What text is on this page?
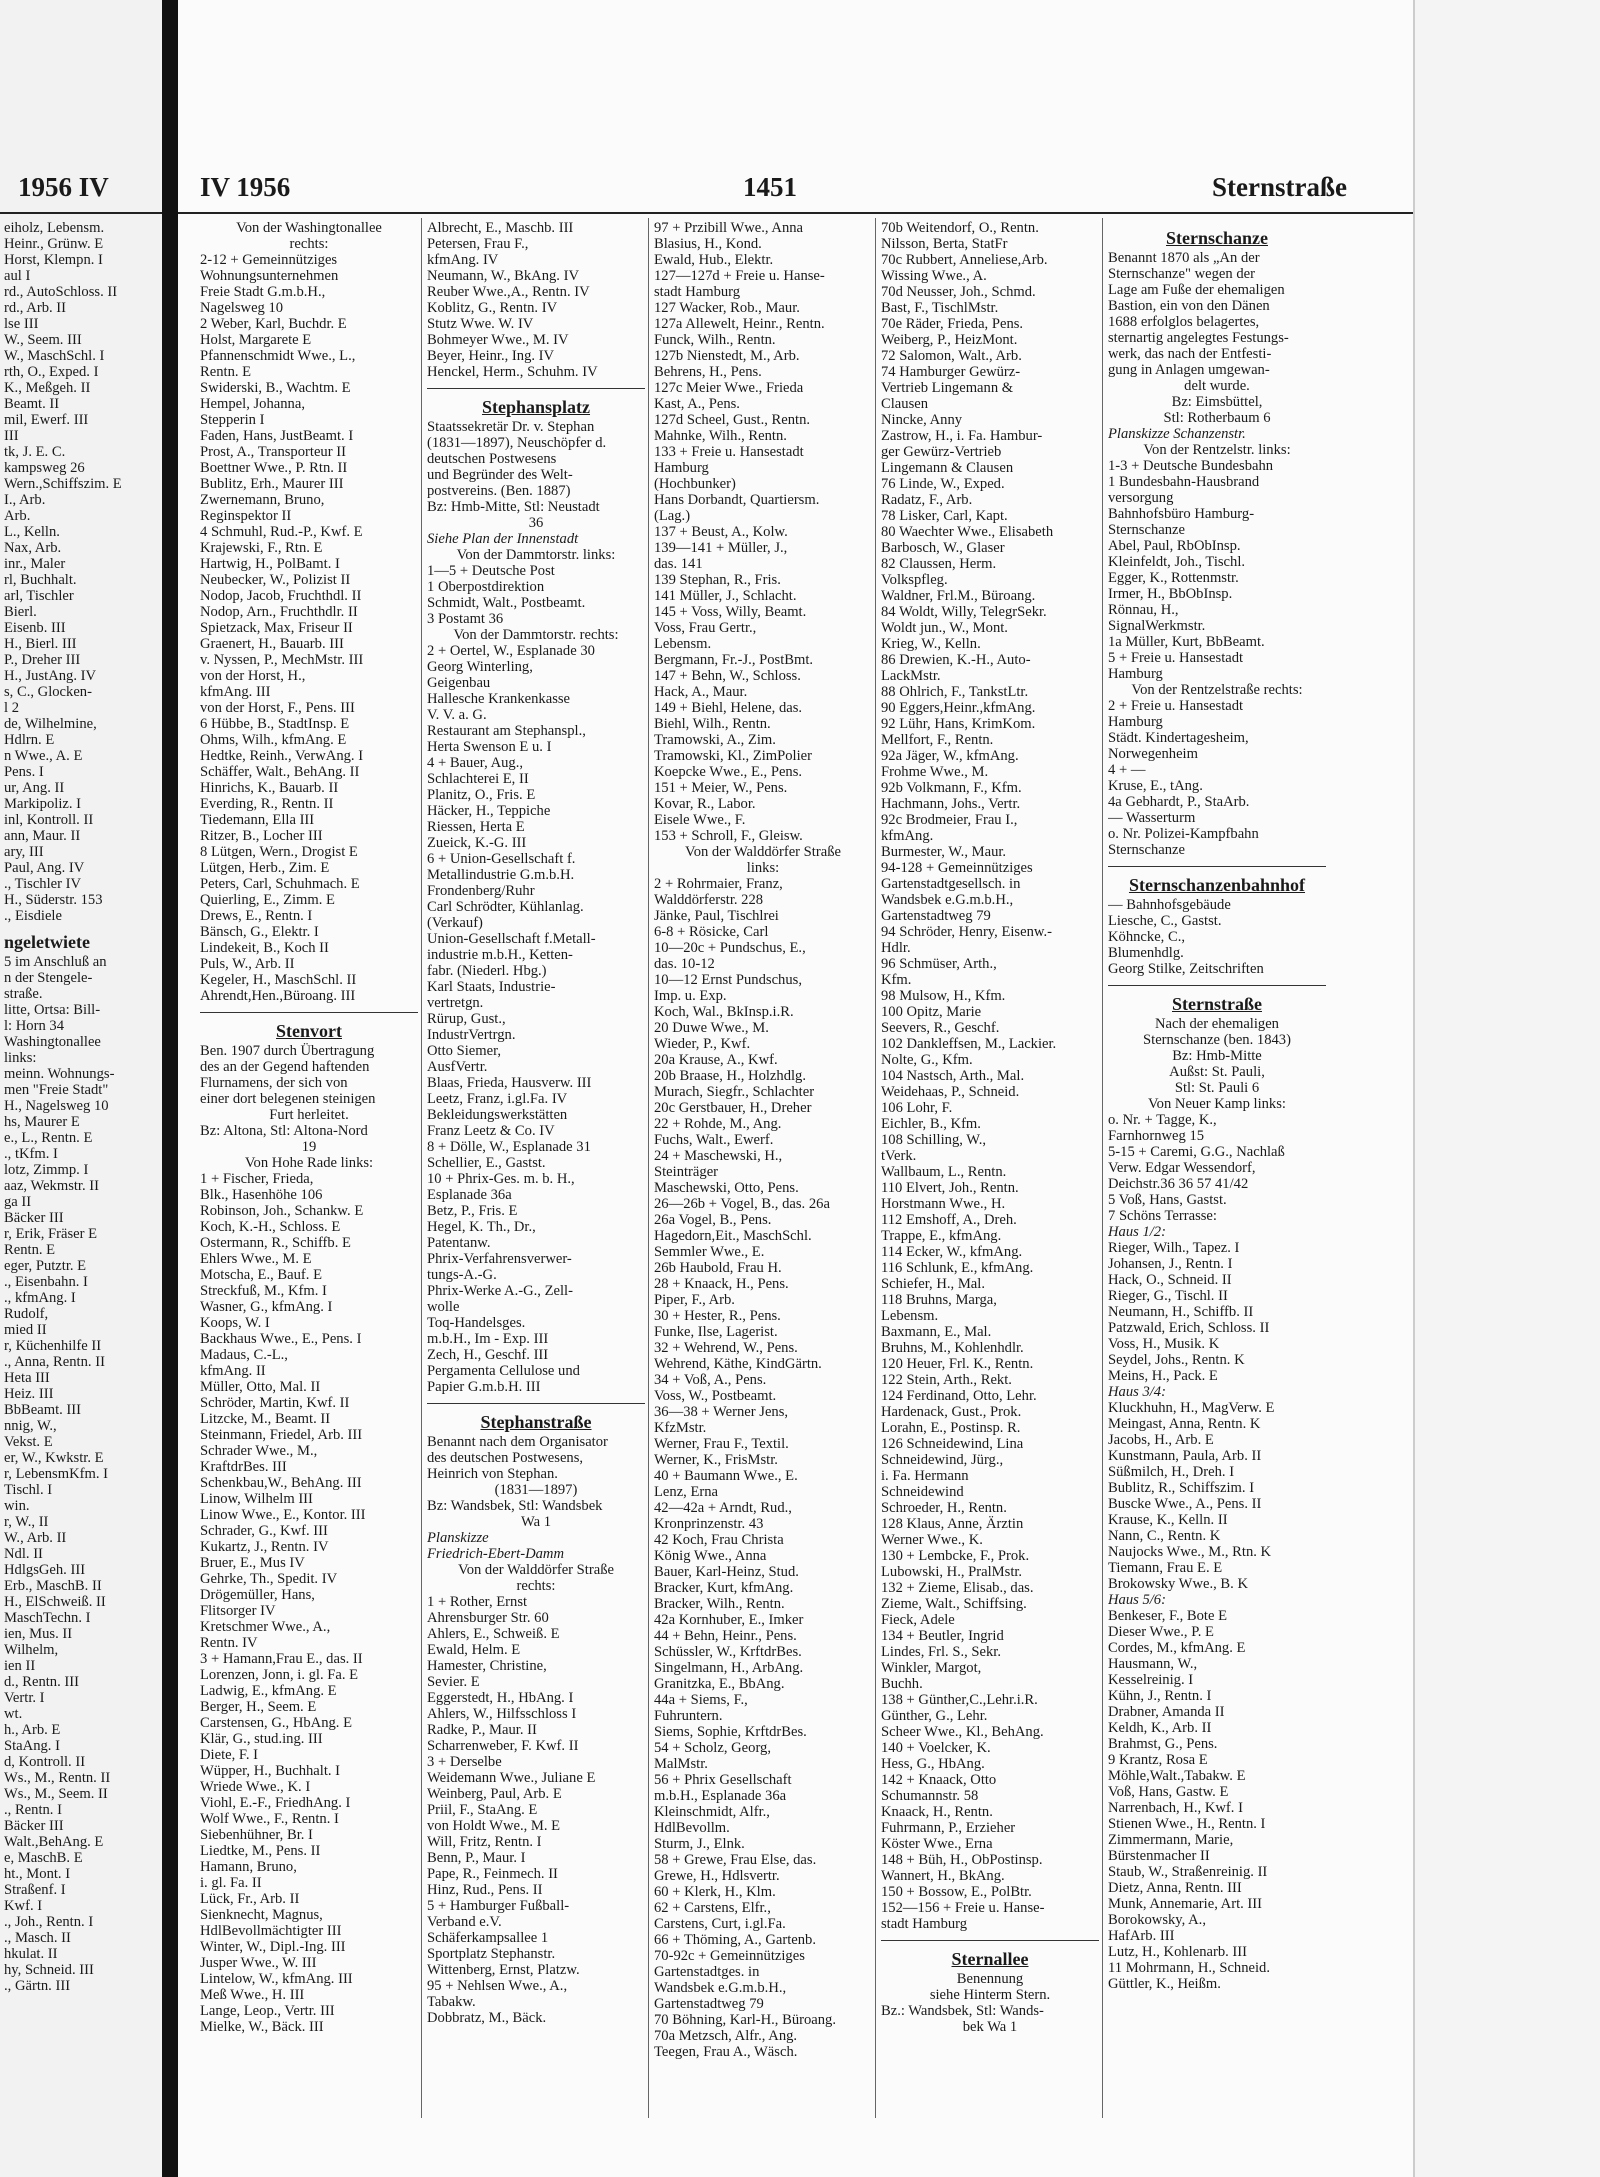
1956 IV
eiholz, Lebensm.
Heinr., Grünw. E
Horst, Klempn. I
aul I
rd., AutoSchloss. II
rd., Arb. II
lse III
W., Seem. III
W., MaschSchl. I
rth, O., Exped. I
K., Meßgeh. II
Beamt. II
mil, Ewerf. III
III
tk, J. E. C.
kampsweg 26
Wern.,Schiffszim. E
I., Arb.
Arb.
L., Kelln.
Nax, Arb.
inr., Maler
rl, Buchhalt.
arl, Tischler
Bierl.
Eisenb. III
H., Bierl. III
P., Dreher III
H., JustAng. IV
s, C., Glocken-
l 2
de, Wilhelmine,
Hdlrn. E
n Wwe., A. E
Pens. I
ur, Ang. II
Markipoliz. I
inl, Kontroll. II
ann, Maur. II
ary, III
Paul, Ang. IV
., Tischler IV
H., Süderstr. 153
., Eisdiele
ngeletwiete
5 im Anschluß an
n der Stengele-
straße.
litte, Ortsa: Bill-
l: Horn 34
Washingtonallee
links:
meinn. Wohnungs-
men "Freie Stadt"
H., Nagelsweg 10
hs, Maurer E
e., L., Rentn. E
., tKfm. I
lotz, Zimmp. I
aaz, Wekmstr. II
ga II
Bäcker III
r, Erik, Fräser E
Rentn. E
eger, Putztr. E
., Eisenbahn. I
., kfmAng. I
Rudolf,
mied II
r, Küchenhilfe II
., Anna, Rentn. II
Heta III
Heiz. III
BbBeamt. III
nnig, W.,
Vekst. E
er, W., Kwkstr. E
r, LebensmKfm. I
Tischl. I
win.
r, W., II
W., Arb. II
Ndl. II
HdlgsGeh. III
Erb., MaschB. II
H., ElSchweiß. II
MaschTechn. I
ien, Mus. II
Wilhelm,
ien II
d., Rentn. III
Vertr. I
wt.
h., Arb. E
StaAng. I
d, Kontroll. II
Ws., M., Rentn. II
Ws., M., Seem. II
., Rentn. I
Bäcker III
Walt.,BehAng. E
e, MaschB. E
ht., Mont. I
Straßenf. I
Kwf. I
., Joh., Rentn. I
., Masch. II
hkulat. II
hy, Schneid. III
., Gärtn. III
IV 1956	1451	Sternstraße
Von der Washingtonallee
rechts:
2-12 + Gemeinnütziges
Wohnungsunternehmen
Freie Stadt G.m.b.H.,
Nagelsweg 10
2 Weber, Karl, Buchdr. E
Holst, Margarete E
Pfannenschmidt Wwe., L.,
Rentn. E
Swiderski, B., Wachtm. E
Hempel, Johanna,
Stepperin I
Faden, Hans, JustBeamt. I
Prost, A., Transporteur II
Boettner Wwe., P. Rtn. II
Bublitz, Erh., Maurer III
Zwernemann, Bruno,
Reginspektor II
4 Schmuhl, Rud.-P., Kwf. E
Krajewski, F., Rtn. E
Hartwig, H., PolBamt. I
Neubecker, W., Polizist II
Nodop, Jacob, Fruchthdl. II
Nodop, Arn., Fruchthdlr. II
Spietzack, Max, Friseur II
Graenert, H., Bauarb. III
v. Nyssen, P., MechMstr. III
von der Horst, H.,
kfmAng. III
von der Horst, F., Pens. III
6 Hübbe, B., StadtInsp. E
Ohms, Wilh., kfmAng. E
Hedtke, Reinh., VerwAng. I
Schäffer, Walt., BehAng. II
Hinrichs, K., Bauarb. II
Everding, R., Rentn. II
Tiedemann, Ella III
Ritzer, B., Locher III
8 Lütgen, Wern., Drogist E
Lütgen, Herb., Zim. E
Peters, Carl, Schuhmach. E
Quierling, E., Zimm. E
Drews, E., Rentn. I
Bänsch, G., Elektr. I
Lindekeit, B., Koch II
Puls, W., Arb. II
Kegeler, H., MaschSchl. II
Ahrendt,Hen.,Büroang. III
Stenvort
Ben. 1907 durch Übertragung
des an der Gegend haftenden
Flurnamens, der sich von
einer dort belegenen steinigen
Furt herleitet.
Bz: Altona, Stl: Altona-Nord
19
Von Hohe Rade links:
1 + Fischer, Frieda,
Blk., Hasenhöhe 106
Robinson, Joh., Schankw. E
Koch, K.-H., Schloss. E
Ostermann, R., Schiffb. E
Ehlers Wwe., M. E
Motscha, E., Bauf. E
Streckfuß, M., Kfm. I
Wasner, G., kfmAng. I
Koops, W. I
Backhaus Wwe., E., Pens. I
Madaus, C.-L.,
kfmAng. II
Müller, Otto, Mal. II
Schröder, Martin, Kwf. II
Litzcke, M., Beamt. II
Steinmann, Friedel, Arb. III
Schrader Wwe., M.,
KraftdrBes. III
Schenkbau,W., BehAng. III
Linow, Wilhelm III
Linow Wwe., E., Kontor. III
Schrader, G., Kwf. III
Kukartz, J., Rentn. IV
Bruer, E., Mus IV
Gehrke, Th., Spedit. IV
Drögemüller, Hans,
Flitsorger IV
Kretschmer Wwe., A.,
Rentn. IV
3 + Hamann,Frau E., das. II
Lorenzen, Jonn, i. gl. Fa. E
Ladwig, E., kfmAng. E
Berger, H., Seem. E
Carstensen, G., HbAng. E
Klär, G., stud.ing. III
Diete, F. I
Wüpper, H., Buchhalt. I
Wriede Wwe., K. I
Viohl, E.-F., FriedhAng. I
Wolf Wwe., F., Rentn. I
Siebenhühner, Br. I
Liedtke, M., Pens. II
Hamann, Bruno,
i. gl. Fa. II
Lück, Fr., Arb. II
Sienknecht, Magnus,
HdlBevollmächtigter III
Winter, W., Dipl.-Ing. III
Jusper Wwe., W. III
Lintelow, W., kfmAng. III
Meß Wwe., H. III
Lange, Leop., Vertr. III
Mielke, W., Bäck. III
Albrecht, E., Maschb. III
Petersen, Frau F.,
kfmAng. IV
Neumann, W., BkAng. IV
Reuber Wwe.,A., Rentn. IV
Koblitz, G., Rentn. IV
Stutz Wwe. W. IV
Bohmeyer Wwe., M. IV
Beyer, Heinr., Ing. IV
Henckel, Herm., Schuhm. IV
Stephansplatz
Staatssekretär Dr. v. Stephan
(1831—1897), Neuschöpfer d.
deutschen Postwesens
und Begründer des Welt-
postvereins. (Ben. 1887)
Bz: Hmb-Mitte, Stl: Neustadt
36
Siehe Plan der Innenstadt
Von der Dammtorstr. links:
1—5 + Deutsche Post
1 Oberpostdirektion
Schmidt, Walt., Postbeamt.
3 Postamt 36
Von der Dammtorstr. rechts:
2 + Oertel, W., Esplanade 30
Georg Winterling,
Geigenbau
Hallesche Krankenkasse
V. V. a. G.
Restaurant am Stephanspl.,
Herta Swenson E u. I
4 + Bauer, Aug.,
Schlachterei E, II
Planitz, O., Fris. E
Häcker, H., Teppiche
Riessen, Herta E
Zueick, K.-G. III
6 + Union-Gesellschaft f.
Metallindustrie G.m.b.H.
Frondenberg/Ruhr
Carl Schrödter, Kühlanlag.
(Verkauf)
Union-Gesellschaft f.Metall-
industrie m.b.H., Ketten-
fabr. (Niederl. Hbg.)
Karl Staats, Industrie-
vertretgn.
Rürup, Gust.,
IndustrVertrgn.
Otto Siemer,
AusfVertr.
Blaas, Frieda, Hausverw. III
Leetz, Franz, i.gl.Fa. IV
Bekleidungswerkstätten
Franz Leetz & Co. IV
8 + Dölle, W., Esplanade 31
Schellier, E., Gastst.
10 + Phrix-Ges. m. b. H.,
Esplanade 36a
Betz, P., Fris. E
Hegel, K. Th., Dr.,
Patentanw.
Phrix-Verfahrensverwer-
tungs-A.-G.
Phrix-Werke A.-G., Zell-
wolle
Toq-Handelsges.
m.b.H., Im - Exp. III
Zech, H., Geschf. III
Pergamenta Cellulose und
Papier G.m.b.H. III
Stephanstraße
Benannt nach dem Organisator
des deutschen Postwesens,
Heinrich von Stephan.
(1831—1897)
Bz: Wandsbek, Stl: Wandsbek
Wa 1
Planskizze
Friedrich-Ebert-Damm
Von der Walddörfer Straße
rechts:
1 + Rother, Ernst
Ahrensburger Str. 60
Ahlers, E., Schweiß. E
Ewald, Helm. E
Hamester, Christine,
Sevier. E
Eggerstedt, H., HbAng. I
Ahlers, W., Hilfsschloss I
Radke, P., Maur. II
Scharrenweber, F. Kwf. II
3 + Derselbe
Weidemann Wwe., Juliane E
Weinberg, Paul, Arb. E
Priil, F., StaAng. E
von Holdt Wwe., M. E
Will, Fritz, Rentn. I
Benn, P., Maur. I
Pape, R., Feinmech. II
Hinz, Rud., Pens. II
5 + Hamburger Fußball-
Verband e.V.
Schäferkampsallee 1
Sportplatz Stephanstr.
Wittenberg, Ernst, Platzw.
95 + Nehlsen Wwe., A.,
Tabakw.
Dobbratz, M., Bäck.
97 + Przibill Wwe., Anna
Blasius, H., Kond.
Ewald, Hub., Elektr.
127—127d + Freie u. Hanse-
stadt Hamburg
127 Wacker, Rob., Maur.
127a Allewelt, Heinr., Rentn.
Funck, Wilh., Rentn.
127b Nienstedt, M., Arb.
Behrens, H., Pens.
127c Meier Wwe., Frieda
Kast, A., Pens.
127d Scheel, Gust., Rentn.
Mahnke, Wilh., Rentn.
133 + Freie u. Hansestadt
Hamburg
(Hochbunker)
Hans Dorbandt, Quartiersm.
(Lag.)
137 + Beust, A., Kolw.
139—141 + Müller, J.,
das. 141
139 Stephan, R., Fris.
141 Müller, J., Schlacht.
145 + Voss, Willy, Beamt.
Voss, Frau Gertr.,
Lebensm.
Bergmann, Fr.-J., PostBmt.
147 + Behn, W., Schloss.
Hack, A., Maur.
149 + Biehl, Helene, das.
Biehl, Wilh., Rentn.
Tramowski, A., Zim.
Tramowski, Kl., ZimPolier
Koepcke Wwe., E., Pens.
151 + Meier, W., Pens.
Kovar, R., Labor.
Eisele Wwe., F.
153 + Schroll, F., Gleisw.
Von der Walddörfer Straße
links:
2 + Rohrmaier, Franz,
Walddörferstr. 228
Jänke, Paul, Tischlrei
6-8 + Rösicke, Carl
10—20c + Pundschus, E.,
das. 10-12
10—12 Ernst Pundschus,
Imp. u. Exp.
Koch, Wal., BkInsp.i.R.
20 Duwe Wwe., M.
Wieder, P., Kwf.
20a Krause, A., Kwf.
20b Braase, H., Holzhdlg.
Murach, Siegfr., Schlachter
20c Gerstbauer, H., Dreher
22 + Rohde, M., Ang.
Fuchs, Walt., Ewerf.
24 + Maschewski, H.,
Steinträger
Maschewski, Otto, Pens.
26—26b + Vogel, B., das. 26a
26a Vogel, B., Pens.
Hagedorn,Eit., MaschSchl.
Semmler Wwe., E.
26b Haubold, Frau H.
28 + Knaack, H., Pens.
Piper, F., Arb.
30 + Hester, R., Pens.
Funke, Ilse, Lagerist.
32 + Wehrend, W., Pens.
Wehrend, Käthe, KindGärtn.
34 + Voß, A., Pens.
Voss, W., Postbeamt.
36—38 + Werner Jens,
KfzMstr.
Werner, Frau F., Textil.
Werner, K., FrisMstr.
40 + Baumann Wwe., E.
Lenz, Erna
42—42a + Arndt, Rud.,
Kronprinzenstr. 43
42 Koch, Frau Christa
König Wwe., Anna
Bauer, Karl-Heinz, Stud.
Bracker, Kurt, kfmAng.
Bracker, Wilh., Rentn.
42a Kornhuber, E., Imker
44 + Behn, Heinr., Pens.
Schüssler, W., KrftdrBes.
Singelmann, H., ArbAng.
Granitzka, E., BbAng.
44a + Siems, F.,
Fuhruntern.
Siems, Sophie, KrftdrBes.
54 + Scholz, Georg,
MalMstr.
56 + Phrix Gesellschaft
m.b.H., Esplanade 36a
Kleinschmidt, Alfr.,
HdlBevollm.
Sturm, J., Elnk.
58 + Grewe, Frau Else, das.
Grewe, H., Hdlsvertr.
60 + Klerk, H., Klm.
62 + Carstens, Elfr.,
Carstens, Curt, i.gl.Fa.
66 + Thöming, A., Gartenb.
70-92c + Gemeinnütziges
Gartenstadtges. in
Wandsbek e.G.m.b.H.,
Gartenstadtweg 79
70 Böhning, Karl-H., Büroang.
70a Metzsch, Alfr., Ang.
Teegen, Frau A., Wäsch.
70b Weitendorf, O., Rentn.
Nilsson, Berta, StatFr
70c Rubbert, Anneliese,Arb.
Wissing Wwe., A.
70d Neusser, Joh., Schmd.
Bast, F., TischlMstr.
70e Räder, Frieda, Pens.
Weiberg, P., HeizMont.
72 Salomon, Walt., Arb.
74 Hamburger Gewürz-
Vertrieb Lingemann &
Clausen
Nincke, Anny
Zastrow, H., i. Fa. Hambur-
ger Gewürz-Vertrieb
Lingemann & Clausen
76 Linde, W., Exped.
Radatz, F., Arb.
78 Lisker, Carl, Kapt.
80 Waechter Wwe., Elisabeth
Barbosch, W., Glaser
82 Claussen, Herm.
Volkspfleg.
Waldner, Frl.M., Büroang.
84 Woldt, Willy, TelegrSekr.
Woldt jun., W., Mont.
Krieg, W., Kelln.
86 Drewien, K.-H., Auto-
LackMstr.
88 Ohlrich, F., TankstLtr.
90 Eggers,Heinr.,kfmAng.
92 Lühr, Hans, KrimKom.
Mellfort, F., Rentn.
92a Jäger, W., kfmAng.
Frohme Wwe., M.
92b Volkmann, F., Kfm.
Hachmann, Johs., Vertr.
92c Brodmeier, Frau I.,
kfmAng.
Burmester, W., Maur.
94-128 + Gemeinnütziges
Gartenstadtgesellsch. in
Wandsbek e.G.m.b.H.,
Gartenstadtweg 79
94 Schröder, Henry, Eisenw.-
Hdlr.
96 Schmüser, Arth.,
Kfm.
98 Mulsow, H., Kfm.
100 Opitz, Marie
Seevers, R., Geschf.
102 Dankleffsen, M., Lackier.
Nolte, G., Kfm.
104 Nastsch, Arth., Mal.
Weidehaas, P., Schneid.
106 Lohr, F.
Eichler, B., Kfm.
108 Schilling, W.,
tVerk.
Wallbaum, L., Rentn.
110 Elvert, Joh., Rentn.
Horstmann Wwe., H.
112 Emshoff, A., Dreh.
Trappe, E., kfmAng.
114 Ecker, W., kfmAng.
116 Schlunk, E., kfmAng.
Schiefer, H., Mal.
118 Bruhns, Marga,
Lebensm.
Baxmann, E., Mal.
Bruhns, M., Kohlenhdlr.
120 Heuer, Frl. K., Rentn.
122 Stein, Arth., Rekt.
124 Ferdinand, Otto, Lehr.
Hardenack, Gust., Prok.
Lorahn, E., Postinsp. R.
126 Schneidewind, Lina
Schneidewind, Jürg.,
i. Fa. Hermann
Schneidewind
Schroeder, H., Rentn.
128 Klaus, Anne, Ärztin
Werner Wwe., K.
130 + Lembcke, F., Prok.
Lubowski, H., PralMstr.
132 + Zieme, Elisab., das.
Zieme, Walt., Schiffsing.
Fieck, Adele
134 + Beutler, Ingrid
Lindes, Frl. S., Sekr.
Winkler, Margot,
Buchh.
138 + Günther,C.,Lehr.i.R.
Günther, G., Lehr.
Scheer Wwe., Kl., BehAng.
140 + Voelcker, K.
Hess, G., HbAng.
142 + Knaack, Otto
Schumannstr. 58
Knaack, H., Rentn.
Fuhrmann, P., Erzieher
Köster Wwe., Erna
148 + Büh, H., ObPostinsp.
Wannert, H., BkAng.
150 + Bossow, E., PolBtr.
152—156 + Freie u. Hanse-
stadt Hamburg
Sternallee
Benennung
siehe Hinterm Stern.
Bz.: Wandsbek, Stl: Wands-
bek Wa 1
Sternschanze
Benannt 1870 als „An der
Sternschanze" wegen der
Lage am Fuße der ehemaligen
Bastion, ein von den Dänen
1688 erfolglos belagertes,
sternartig angelegtes Festungs-
werk, das nach der Entfesti-
gung in Anlagen umgewan-
delt wurde.
Bz: Eimsbüttel,
Stl: Rotherbaum 6
Planskizze Schanzenstr.
Von der Rentzelstr. links:
1-3 + Deutsche Bundesbahn
1 Bundesbahn-Hausbrand
versorgung
Bahnhofsbüro Hamburg-
Sternschanze
Abel, Paul, RbObInsp.
Kleinfeldt, Joh., Tischl.
Egger, K., Rottenmstr.
Irmer, H., BbObInsp.
Rönnau, H.,
SignalWerkmstr.
1a Müller, Kurt, BbBeamt.
5 + Freie u. Hansestadt
Hamburg
Von der Rentzelstraße rechts:
2 + Freie u. Hansestadt
Hamburg
Städt. Kindertagesheim,
Norwegenheim
4 + —
Kruse, E., tAng.
4a Gebhardt, P., StaArb.
— Wasserturm
o. Nr. Polizei-Kampfbahn
Sternschanze
Sternschanzenbahnhof
— Bahnhofsgebäude
Liesche, C., Gastst.
Köhncke, C.,
Blumenhdlg.
Georg Stilke, Zeitschriften
Sternstraße
Nach der ehemaligen
Sternschanze (ben. 1843)
Bz: Hmb-Mitte
Außst: St. Pauli,
Stl: St. Pauli 6
Von Neuer Kamp links:
o. Nr. + Tagge, K.,
Farnhornweg 15
5-15 + Caremi, G.G., Nachlaß
Verw. Edgar Wessendorf,
Deichstr.36 36 57 41/42
5 Voß, Hans, Gastst.
7 Schöns Terrasse:
Haus 1/2:
Rieger, Wilh., Tapez. I
Johansen, J., Rentn. I
Hack, O., Schneid. II
Rieger, G., Tischl. II
Neumann, H., Schiffb. II
Patzwald, Erich, Schloss. II
Voss, H., Musik. K
Seydel, Johs., Rentn. K
Meins, H., Pack. E
Haus 3/4:
Kluckhuhn, H., MagVerw. E
Meingast, Anna, Rentn. K
Jacobs, H., Arb. E
Kunstmann, Paula, Arb. II
Süßmilch, H., Dreh. I
Bublitz, R., Schiffszim. I
Buscke Wwe., A., Pens. II
Krause, K., Kelln. II
Nann, C., Rentn. K
Naujocks Wwe., M., Rtn. K
Tiemann, Frau E. E
Brokowsky Wwe., B. K
Haus 5/6:
Benkeser, F., Bote E
Dieser Wwe., P. E
Cordes, M., kfmAng. E
Hausmann, W.,
Kesselreinig. I
Kühn, J., Rentn. I
Drabner, Amanda II
Keldh, K., Arb. II
Brahmst, G., Pens.
9 Krantz, Rosa E
Möhle,Walt.,Tabakw. E
Voß, Hans, Gastw. E
Narrenbach, H., Kwf. I
Stienen Wwe., H., Rentn. I
Zimmermann, Marie,
Bürstenmacher II
Staub, W., Straßenreinig. II
Dietz, Anna, Rentn. III
Munk, Annemarie, Art. III
Borokowsky, A.,
HafArb. III
Lutz, H., Kohlenarb. III
11 Mohrmann, H., Schneid.
Güttler, K., Heißm.
